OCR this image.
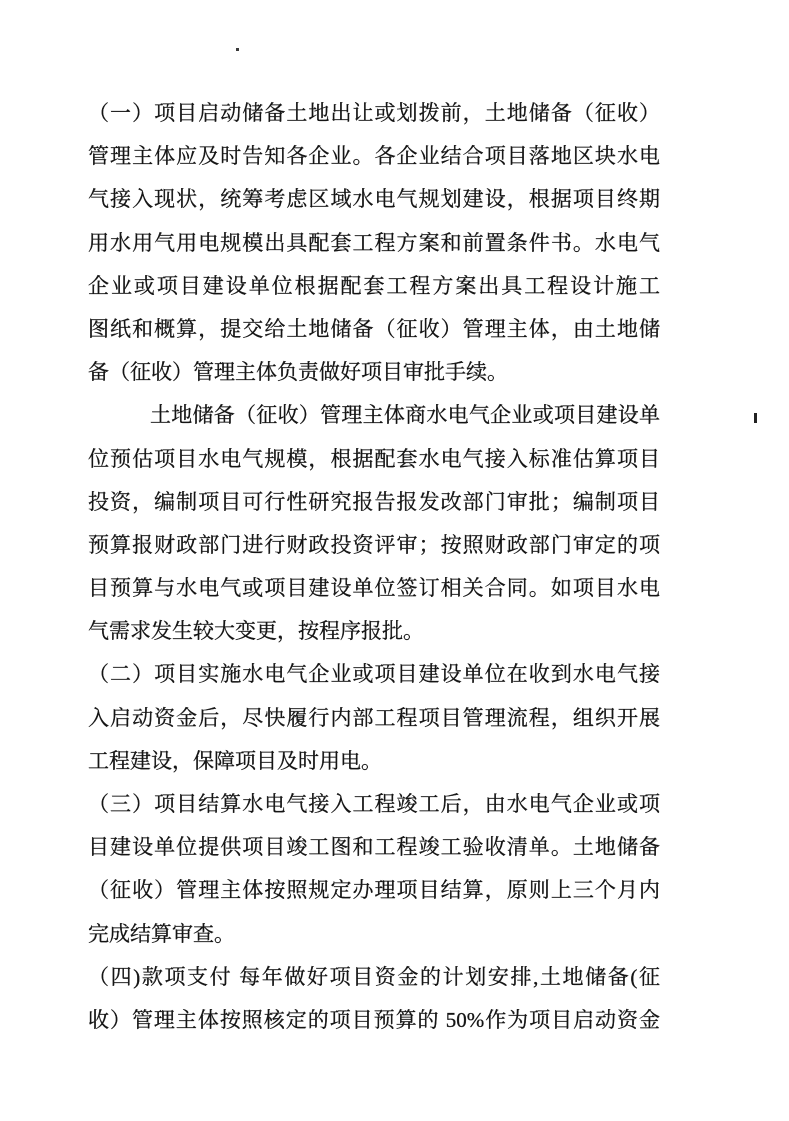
（一）项目启动储备土地出让或划拨前，土地储备（征收）
管理主体应及时告知各企业。各企业结合项目落地区块水电
气接入现状，统筹考虑区域水电气规划建设，根据项目终期
用水用气用电规模出具配套工程方案和前置条件书。水电气
企业或项目建设单位根据配套工程方案出具工程设计施工
图纸和概算，提交给土地储备（征收）管理主体，由土地储
备（征收）管理主体负责做好项目审批手续。
土地储备（征收）管理主体商水电气企业或项目建设单
位预估项目水电气规模，根据配套水电气接入标准估算项目
投资，编制项目可行性研究报告报发改部门审批；编制项目
预算报财政部门进行财政投资评审；按照财政部门审定的项
目预算与水电气或项目建设单位签订相关合同。如项目水电
气需求发生较大变更，按程序报批。
（二）项目实施水电气企业或项目建设单位在收到水电气接
入启动资金后，尽快履行内部工程项目管理流程，组织开展
工程建设，保障项目及时用电。
（三）项目结算水电气接入工程竣工后，由水电气企业或项
目建设单位提供项目竣工图和工程竣工验收清单。土地储备
（征收）管理主体按照规定办理项目结算，原则上三个月内
完成结算审查。
（四)款项支付 每年做好项目资金的计划安排,土地储备(征
收）管理主体按照核定的项目预算的 50%作为项目启动资金
